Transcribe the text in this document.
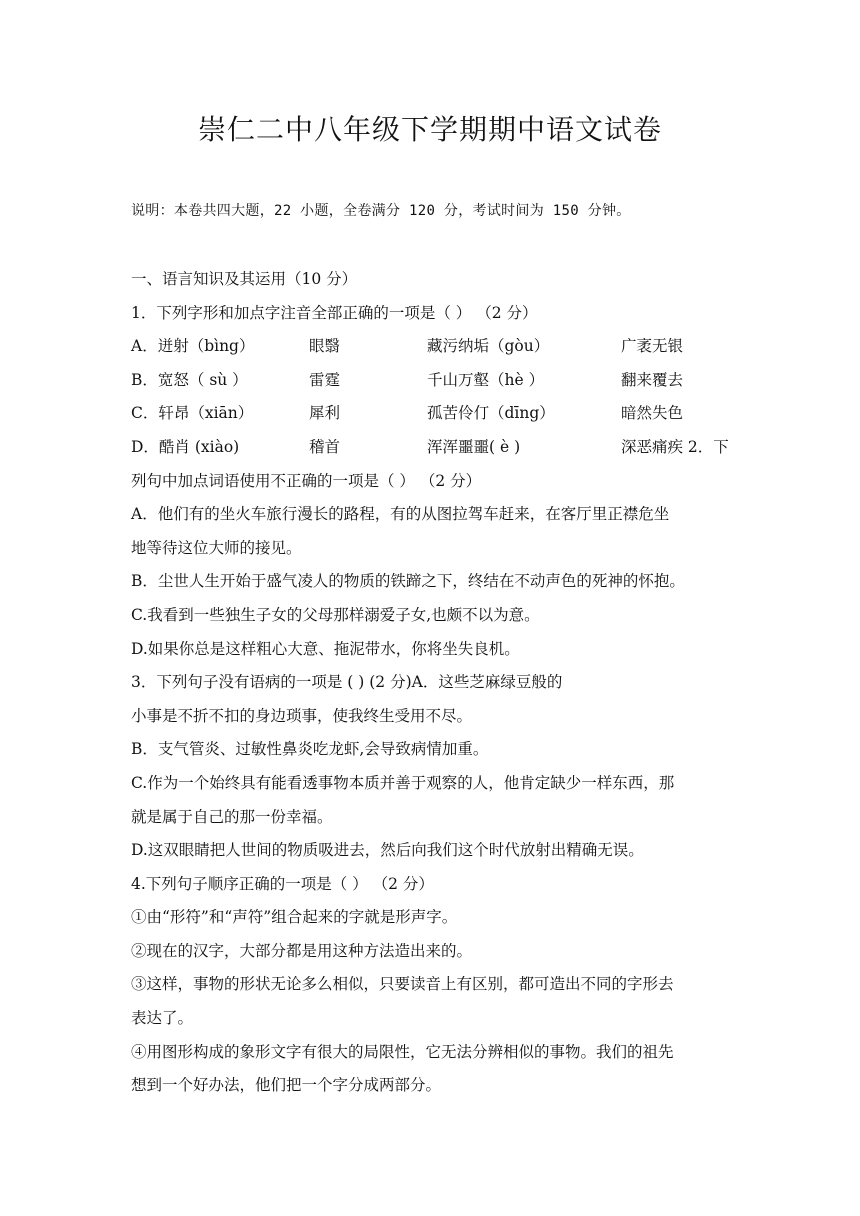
崇仁二中八年级下学期期中语文试卷
说明：本卷共四大题，22 小题，全卷满分 120 分，考试时间为 150 分钟。
一、语言知识及其运用（10 分）
1．下列字形和加点字注音全部正确的一项是（ ） （2 分）
A．迸射（bìng）	眼翳	藏污纳垢（gòu）	广袤无银
B．宽怒（ sù ）	雷霆	千山万壑（hè ）	翻来覆去
C．轩昂（xiān）	犀利	孤苦伶仃（dīng）	暗然失色
D．酷肖 (xiào)	稽首	浑浑噩噩( è )	深恶痛疾 2．下
列句中加点词语使用不正确的一项是（ ） （2 分）
A．他们有的坐火车旅行漫长的路程，有的从图拉驾车赶来，在客厅里正襟危坐
地等待这位大师的接见。
B．尘世人生开始于盛气凌人的物质的铁蹄之下，终结在不动声色的死神的怀抱。
C.我看到一些独生子女的父母那样溺爱子女,也颇不以为意。
D.如果你总是这样粗心大意、拖泥带水，你将坐失良机。
3．下列句子没有语病的一项是 ( ) (2 分)A．这些芝麻绿豆般的
小事是不折不扣的身边琐事，使我终生受用不尽。
B．支气管炎、过敏性鼻炎吃龙虾,会导致病情加重。
C.作为一个始终具有能看透事物本质并善于观察的人，他肯定缺少一样东西，那
就是属于自己的那一份幸福。
D.这双眼睛把人世间的物质吸进去，然后向我们这个时代放射出精确无误。
4.下列句子顺序正确的一项是（ ） （2 分）
①由“形符”和“声符”组合起来的字就是形声字。
②现在的汉字，大部分都是用这种方法造出来的。
③这样，事物的形状无论多么相似，只要读音上有区别，都可造出不同的字形去
表达了。
④用图形构成的象形文字有很大的局限性，它无法分辨相似的事物。我们的祖先
想到一个好办法，他们把一个字分成两部分。
